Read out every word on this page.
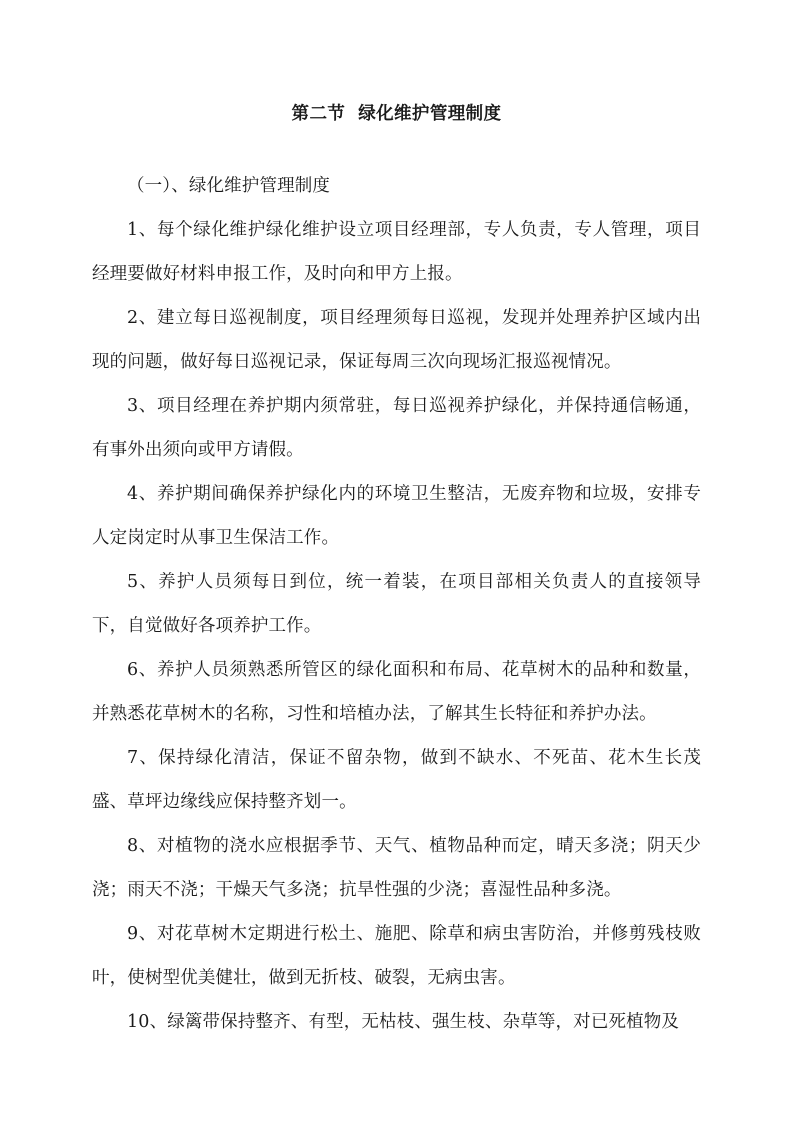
第二节  绿化维护管理制度

（一）、绿化维护管理制度

1、每个绿化维护绿化维护设立项目经理部，专人负责，专人管理，项目经理要做好材料申报工作，及时向和甲方上报。

2、建立每日巡视制度，项目经理须每日巡视，发现并处理养护区域内出现的问题，做好每日巡视记录，保证每周三次向现场汇报巡视情况。

3、项目经理在养护期内须常驻，每日巡视养护绿化，并保持通信畅通，有事外出须向或甲方请假。

4、养护期间确保养护绿化内的环境卫生整洁，无废弃物和垃圾，安排专人定岗定时从事卫生保洁工作。

5、养护人员须每日到位，统一着装，在项目部相关负责人的直接领导下，自觉做好各项养护工作。

6、养护人员须熟悉所管区的绿化面积和布局、花草树木的品种和数量，并熟悉花草树木的名称，习性和培植办法，了解其生长特征和养护办法。

7、保持绿化清洁，保证不留杂物，做到不缺水、不死苗、花木生长茂盛、草坪边缘线应保持整齐划一。

8、对植物的浇水应根据季节、天气、植物品种而定，晴天多浇；阴天少浇；雨天不浇；干燥天气多浇；抗旱性强的少浇；喜湿性品种多浇。

9、对花草树木定期进行松土、施肥、除草和病虫害防治，并修剪残枝败叶，使树型优美健壮，做到无折枝、破裂，无病虫害。

10、绿篱带保持整齐、有型，无枯枝、强生枝、杂草等，对已死植物及
